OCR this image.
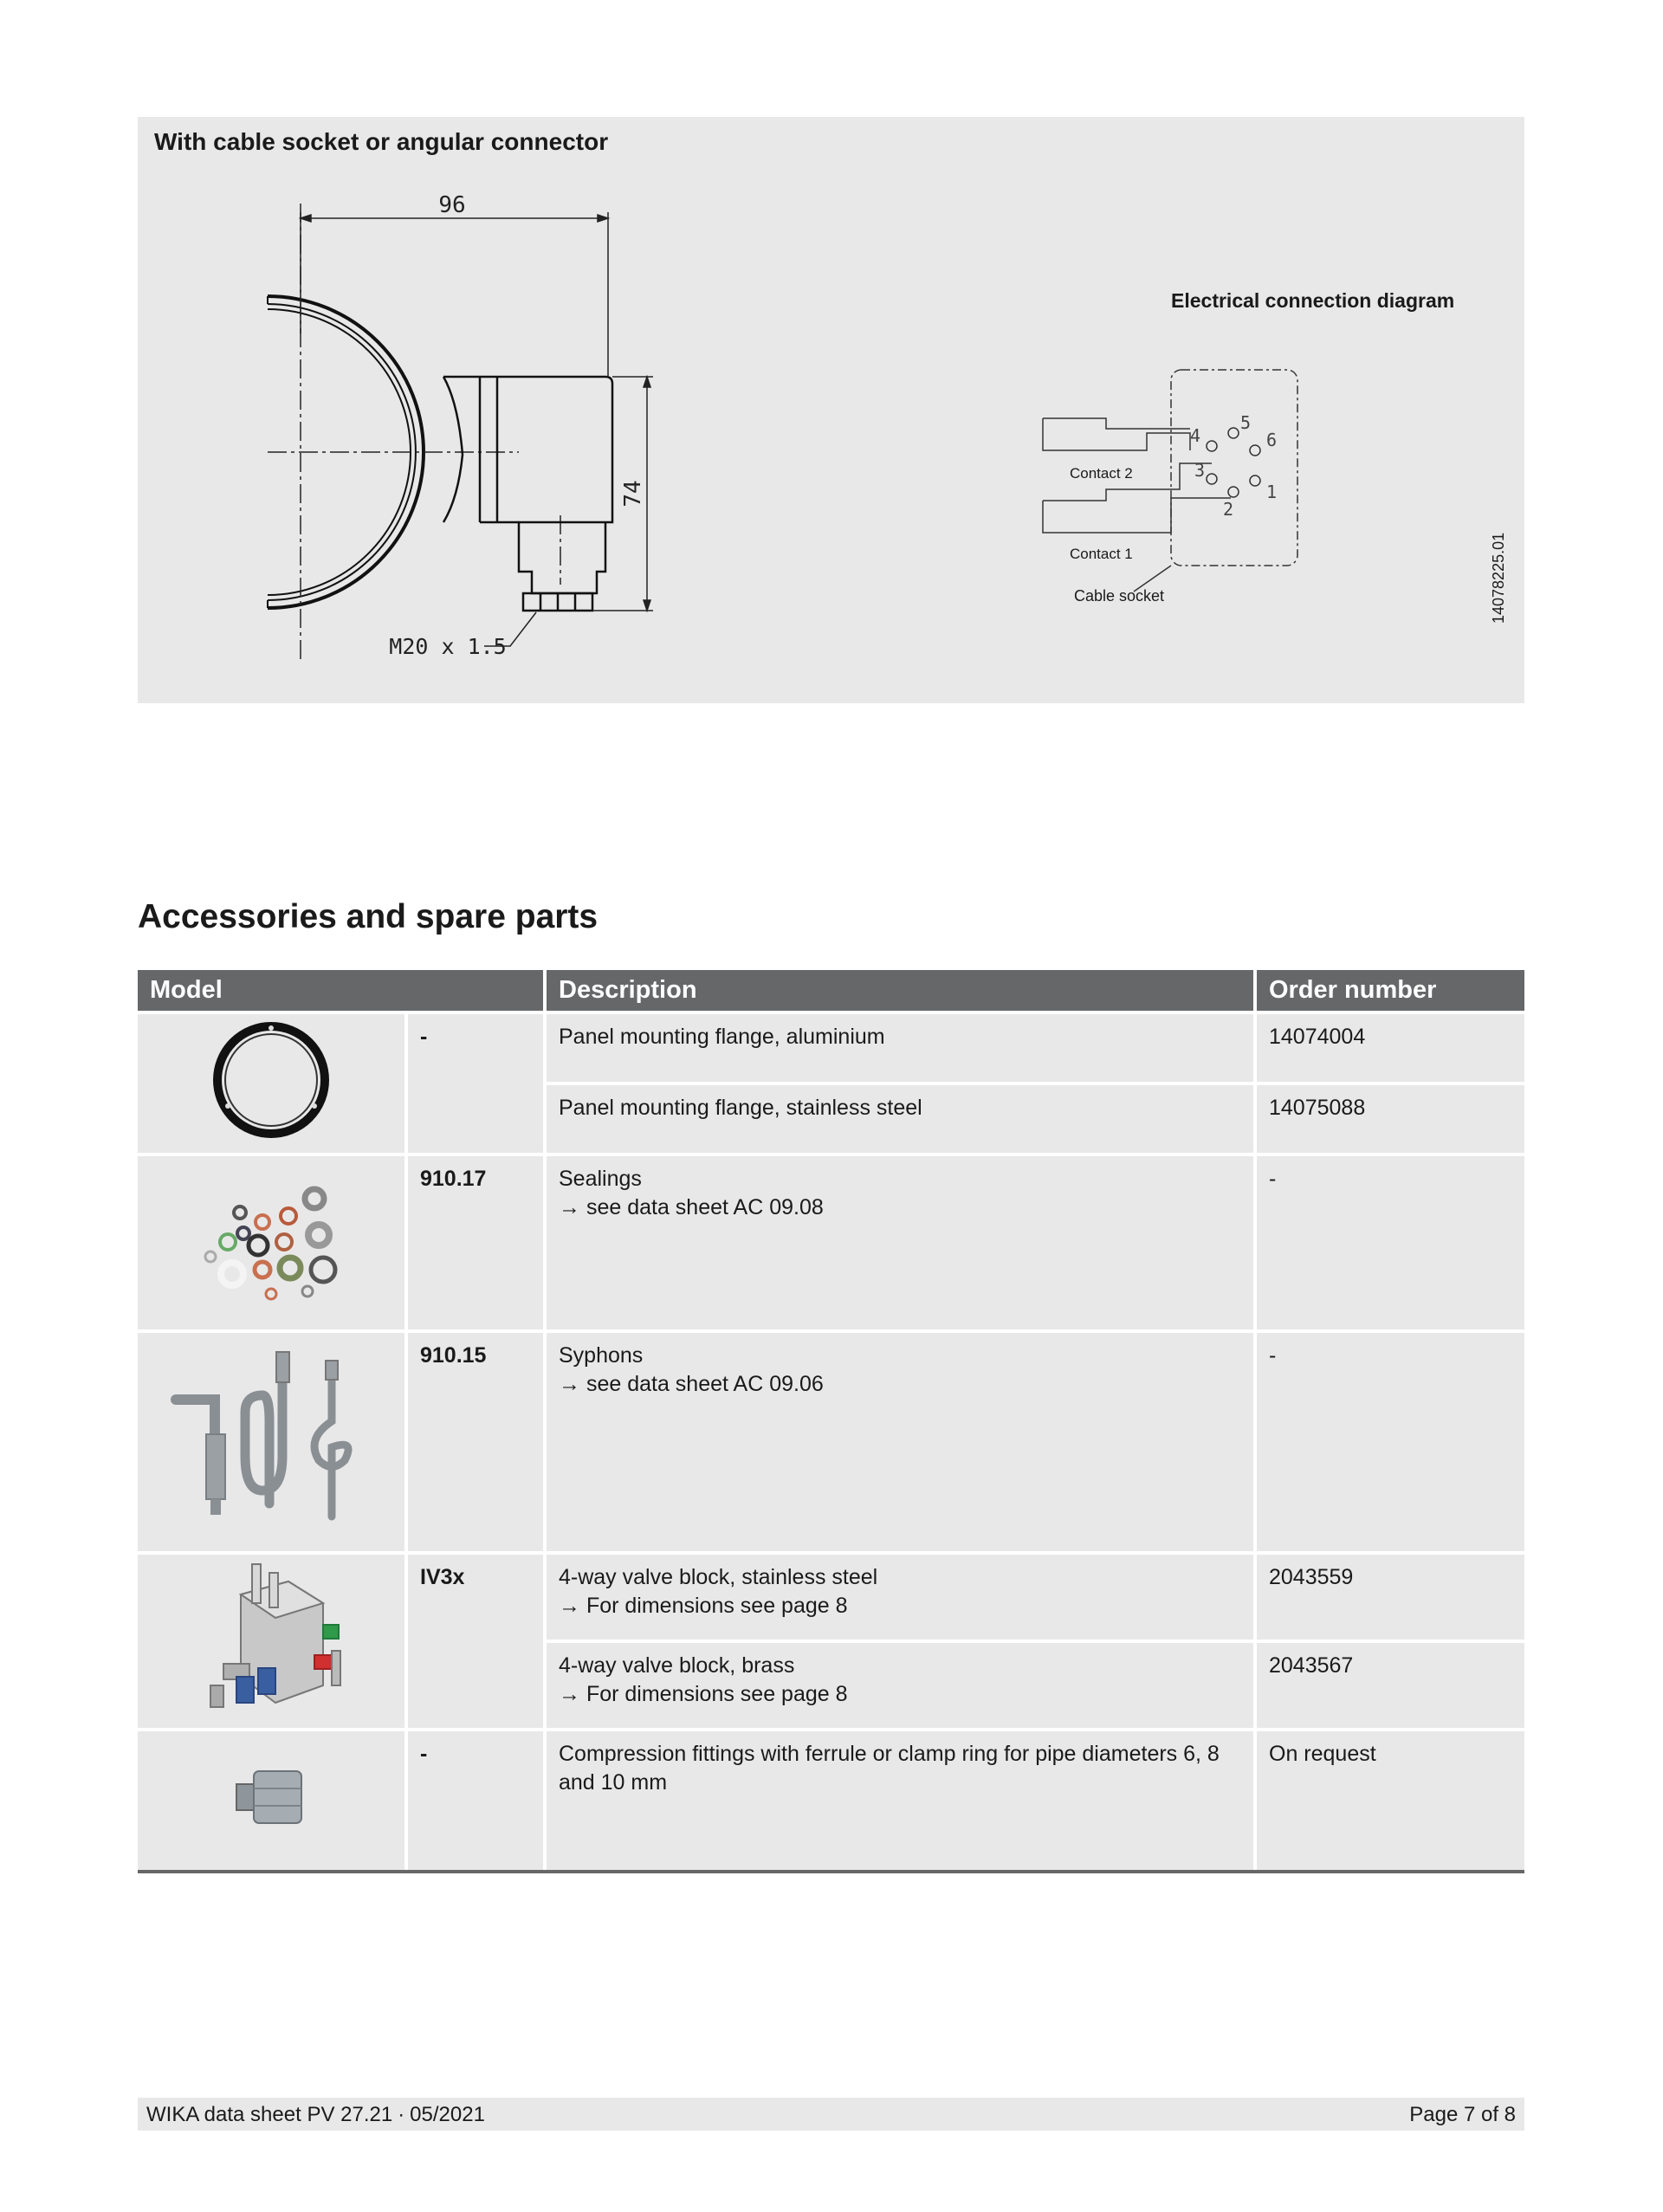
With cable socket or angular connector
96
74
M20 x 1.5
Electrical connection diagram
Contact 2
Contact 1
Cable socket
1
2
3
4
5
6
14078225.01
Accessories and spare parts
Model		Description	Order number
	-	Panel mounting flange, aluminium	14074004
		Panel mounting flange, stainless steel	14075088
	910.17	Sealings
→ see data sheet AC 09.08	-
	910.15	Syphons
→ see data sheet AC 09.06	-
	IV3x	4-way valve block, stainless steel
→ For dimensions see page 8	2043559

		4-way valve block, brass
→ For dimensions see page 8	2043567
	-	Compression fittings with ferrule or clamp ring for pipe diameters 6, 8 and 10 mm	On request
WIKA data sheet PV 27.21 ∙ 05/2021	Page 7 of 8
